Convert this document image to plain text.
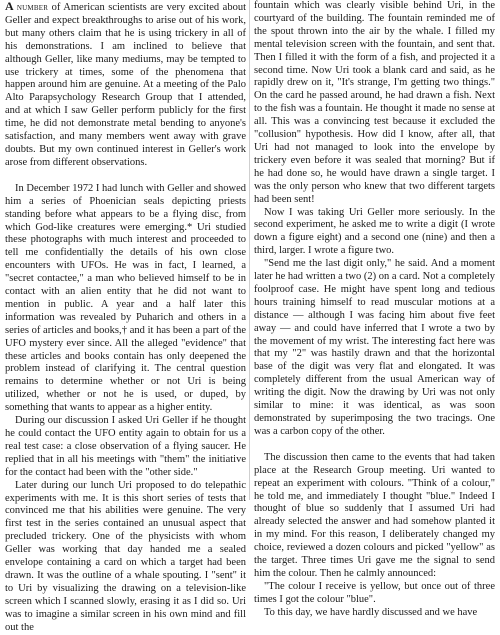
A number of American scientists are very excited about Geller and expect breakthroughs to arise out of his work, but many others claim that he is using trickery in all of his demonstrations. I am inclined to believe that although Geller, like many mediums, may be tempted to use trickery at times, some of the phenomena that happen around him are genuine. At a meeting of the Palo Alto Parapsychology Research Group that I attended, and at which I saw Geller perform publicly for the first time, he did not demonstrate metal bending to anyone's satisfaction, and many members went away with grave doubts. But my own continued interest in Geller's work arose from different observations.

In December 1972 I had lunch with Geller and showed him a series of Phoenician seals depicting priests standing before what appears to be a flying disc, from which God-like creatures were emerging.* Uri studied these photographs with much interest and proceeded to tell me confidentially the details of his own close encounters with UFOs. He was in fact, I learned, a "secret contactee," a man who believed himself to be in contact with an alien entity that he did not want to mention in public. A year and a half later this information was revealed by Puharich and others in a series of articles and books,† and it has been a part of the UFO mystery ever since. All the alleged "evidence" that these articles and books contain has only deepened the problem instead of clarifying it. The central question remains to determine whether or not Uri is being utilized, whether or not he is used, or duped, by something that wants to appear as a higher entity.

During our discussion I asked Uri Geller if he thought he could contact the UFO entity again to obtain for us a real test case: a close observation of a flying saucer. He replied that in all his meetings with "them" the initiative for the contact had been with the "other side."

Later during our lunch Uri proposed to do telepathic experiments with me. It is this short series of tests that convinced me that his abilities were genuine. The very first test in the series contained an unusual aspect that precluded trickery. One of the physicists with whom Geller was working that day handed me a sealed envelope containing a card on which a target had been drawn. It was the outline of a whale spouting. I "sent" it to Uri by visualizing the drawing on a television-like screen which I scanned slowly, erasing it as I did so. Uri was to imagine a similar screen in his own mind and fill out the

fountain which was clearly visible behind Uri, in the courtyard of the building. The fountain reminded me of the spout thrown into the air by the whale. I filled my mental television screen with the fountain, and sent that. Then I filled it with the form of a fish, and projected it a second time. Now Uri took a blank card and said, as he rapidly drew on it, "It's strange, I'm getting two things." On the card he passed around, he had drawn a fish. Next to the fish was a fountain. He thought it made no sense at all. This was a convincing test because it excluded the "collusion" hypothesis. How did I know, after all, that Uri had not managed to look into the envelope by trickery even before it was sealed that morning? But if he had done so, he would have drawn a single target. I was the only person who knew that two different targets had been sent!

Now I was taking Uri Geller more seriously. In the second experiment, he asked me to write a digit (I wrote down a figure eight) and a second one (nine) and then a third, larger. I wrote a figure two.

"Send me the last digit only," he said. And a moment later he had written a two (2) on a card. Not a completely foolproof case. He might have spent long and tedious hours training himself to read muscular motions at a distance — although I was facing him about five feet away — and could have inferred that I wrote a two by the movement of my wrist. The interesting fact here was that my "2" was hastily drawn and that the horizontal base of the digit was very flat and elongated. It was completely different from the usual American way of writing the digit. Now the drawing by Uri was not only similar to mine: it was identical, as was soon demonstrated by superimposing the two tracings. One was a carbon copy of the other.

The discussion then came to the events that had taken place at the Research Group meeting. Uri wanted to repeat an experiment with colours. "Think of a colour," he told me, and immediately I thought "blue." Indeed I thought of blue so suddenly that I assumed Uri had already selected the answer and had somehow planted it in my mind. For this reason, I deliberately changed my choice, reviewed a dozen colours and picked "yellow" as the target. Three times Uri gave me the signal to send him the colour. Then he calmly announced:

"The colour I receive is yellow, but once out of three times I got the colour "blue".

To this day, we have hardly discussed and we have
